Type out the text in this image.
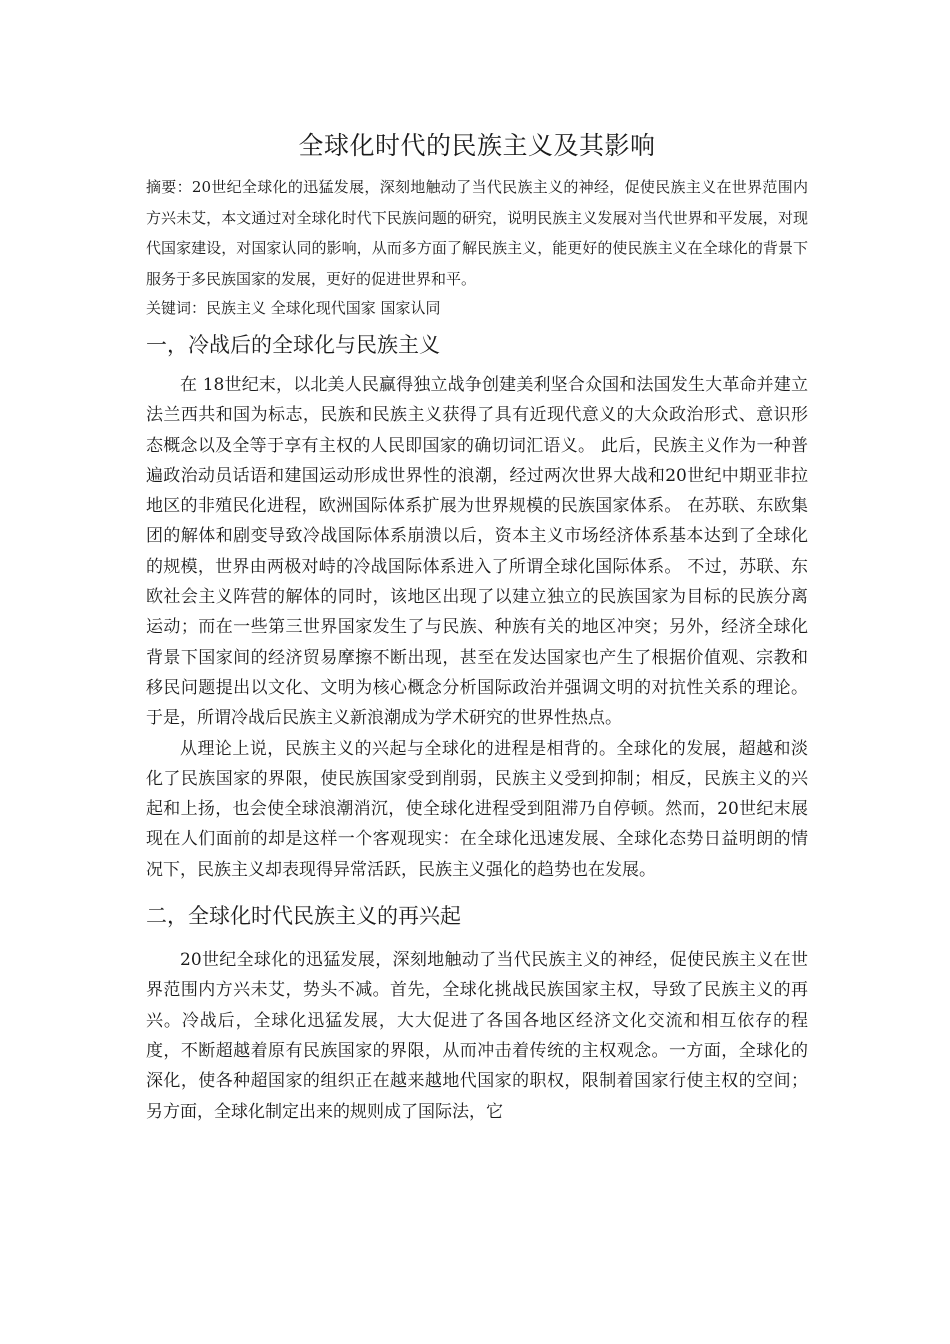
全球化时代的民族主义及其影响

摘要：20世纪全球化的迅猛发展，深刻地触动了当代民族主义的神经，促使民族主义在世界范围内方兴未艾，本文通过对全球化时代下民族问题的研究，说明民族主义发展对当代世界和平发展，对现代国家建设，对国家认同的影响，从而多方面了解民族主义，能更好的使民族主义在全球化的背景下服务于多民族国家的发展，更好的促进世界和平。

关键词：民族主义 全球化现代国家 国家认同

一，冷战后的全球化与民族主义

在 18世纪末，以北美人民赢得独立战争创建美利坚合众国和法国发生大革命并建立法兰西共和国为标志，民族和民族主义获得了具有近现代意义的大众政治形式、意识形态概念以及全等于享有主权的人民即国家的确切词汇语义。 此后，民族主义作为一种普遍政治动员话语和建国运动形成世界性的浪潮，经过两次世界大战和20世纪中期亚非拉地区的非殖民化进程，欧洲国际体系扩展为世界规模的民族国家体系。 在苏联、东欧集团的解体和剧变导致冷战国际体系崩溃以后，资本主义市场经济体系基本达到了全球化的规模，世界由两极对峙的冷战国际体系进入了所谓全球化国际体系。 不过，苏联、东欧社会主义阵营的解体的同时，该地区出现了以建立独立的民族国家为目标的民族分离运动；而在一些第三世界国家发生了与民族、种族有关的地区冲突；另外，经济全球化背景下国家间的经济贸易摩擦不断出现，甚至在发达国家也产生了根据价值观、宗教和移民问题提出以文化、文明为核心概念分析国际政治并强调文明的对抗性关系的理论。 于是，所谓冷战后民族主义新浪潮成为学术研究的世界性热点。

从理论上说，民族主义的兴起与全球化的进程是相背的。全球化的发展，超越和淡化了民族国家的界限，使民族国家受到削弱，民族主义受到抑制；相反，民族主义的兴起和上扬，也会使全球浪潮消沉，使全球化进程受到阻滞乃自停顿。然而，20世纪末展现在人们面前的却是这样一个客观现实：在全球化迅速发展、全球化态势日益明朗的情况下，民族主义却表现得异常活跃，民族主义强化的趋势也在发展。

二，全球化时代民族主义的再兴起

20世纪全球化的迅猛发展，深刻地触动了当代民族主义的神经，促使民族主义在世界范围内方兴未艾，势头不减。首先，全球化挑战民族国家主权，导致了民族主义的再兴。冷战后，全球化迅猛发展，大大促进了各国各地区经济文化交流和相互依存的程度，不断超越着原有民族国家的界限，从而冲击着传统的主权观念。一方面，全球化的深化，使各种超国家的组织正在越来越地代国家的职权，限制着国家行使主权的空间；另方面，全球化制定出来的规则成了国际法，它
